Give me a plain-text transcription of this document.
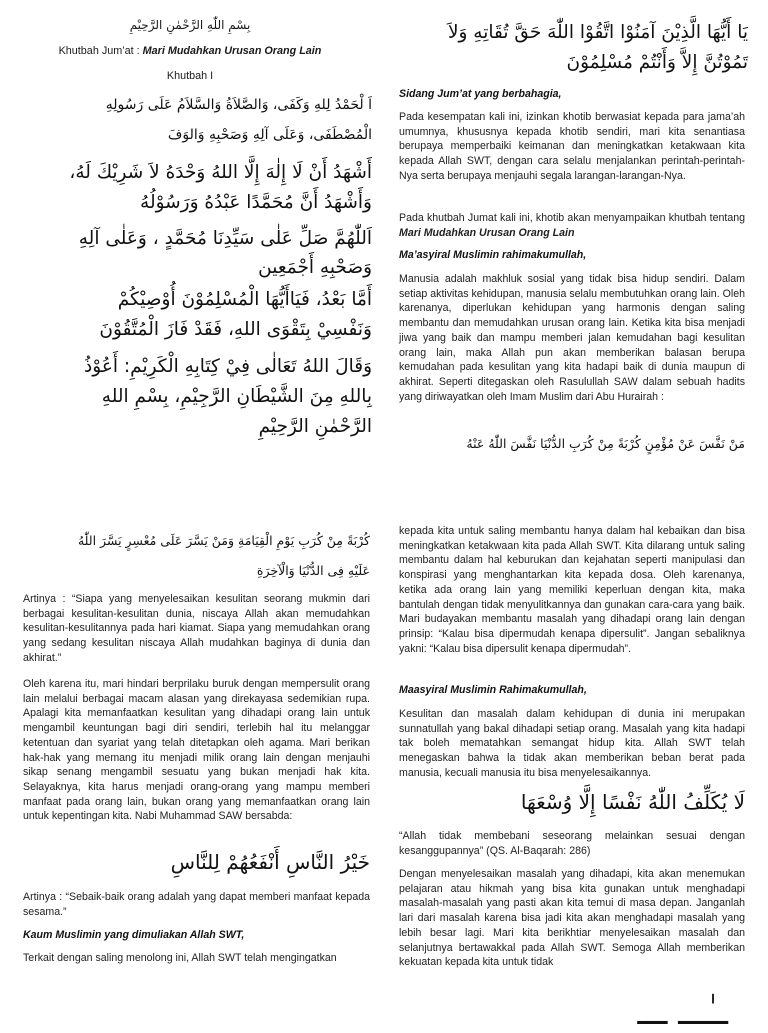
بِسْمِ اللّٰهِ الرَّحْمٰنِ الرَّحِيْمِ
Khutbah Jum’at : Mari Mudahkan Urusan Orang Lain
Khutbah I

اَ لْحَمْدُ لِلهِ وَكَفَى، وَالصَّلاَةُ وَالسَّلاَمُ عَلَى رَسُولِهِ

الْمُصْطَفَى، وَعَلَى آلِهِ وَصَحْبِهِ وَالوَفَ

أَشْهَدُ أَنْ لَا إِلٰهَ إِلَّا اللهُ وَحْدَهُ لاَ شَرِيْكَ لَهُ،

وَأَشْهَدُ أَنَّ مُحَمَّدًا عَبْدُهُ وَرَسُوْلُهُ

اَللّٰهُمَّ صَلِّ عَلٰى سَيِّدِنَا مُحَمَّدٍ ، وَعَلٰى آلِهِ

وَصَحْبِهِ أَجْمَعِين

أَمَّا بَعْدُ، فَيَاأَيُّهَا الْمُسْلِمُوْنَ أُوْصِيْكُمْ

وَنَفْسِيْ بِتَقْوَى اللهِ، فَقَدْ فَازَ الْمُتَّقُوْنَ

وَقَالَ اللهُ تَعَالٰى فِيْ كِتَابِهِ الْكَرِيْمِ: أَعُوْذُ

بِاللهِ مِنَ الشَّيْطَانِ الرَّجِيْمِ، بِسْمِ اللهِ

الرَّحْمٰنِ الرَّحِيْمِ

يَا أَيُّهَا الَّذِيْنَ آمَنُوْا اتَّقُوْا اللّٰهَ حَقَّ تُقَاتِهِ وَلاَ

تَمُوْتُنَّ إِلاَّ وَأَنْتُمْ مُسْلِمُوْنَ

Sidang Jum’at yang berbahagia,

Pada kesempatan kali ini, izinkan khotib berwasiat kepada para jama’ah umumnya, khususnya kepada khotib sendiri, mari kita senantiasa berupaya memperbaiki keimanan dan meningkatkan ketakwaan kita kepada Allah SWT, dengan cara selalu menjalankan perintah-perintah-Nya serta berupaya menjauhi segala larangan-larangan-Nya.

Pada khutbah Jumat kali ini, khotib akan menyampaikan khutbah tentang Mari Mudahkan Urusan Orang Lain

Ma’asyiral Muslimin rahimakumullah,

Manusia adalah makhluk sosial yang tidak bisa hidup sendiri. Dalam setiap aktivitas kehidupan, manusia selalu membutuhkan orang lain. Oleh karenanya, diperlukan kehidupan yang harmonis dengan saling membantu dan memudahkan urusan orang lain. Ketika kita bisa menjadi jiwa yang baik dan mampu memberi jalan kemudahan bagi kesulitan orang lain, maka Allah pun akan memberikan balasan berupa kemudahan pada kesulitan yang kita hadapi baik di dunia maupun di akhirat. Seperti ditegaskan oleh Rasulullah SAW dalam sebuah hadits yang diriwayatkan oleh Imam Muslim dari Abu Hurairah :

مَنْ نَفَّسَ عَنْ مُؤْمِنٍ كُرْبَةً مِنْ كُرَبِ الدُّنْيَا نَفَّسَ اللّٰهُ عَنْهُ

كُرْبَةً مِنْ كُرَبِ يَوْمِ الْقِيَامَةِ وَمَنْ يَسَّرَ عَلَى مُعْسِرٍ يَسَّرَ اللّٰهُ

عَلَيْهِ فِى الدُّنْيَا وَالْآخِرَةِ

Artinya : “Siapa yang menyelesaikan kesulitan seorang mukmin dari berbagai kesulitan-kesulitan dunia, niscaya Allah akan memudahkan kesulitan-kesulitannya pada hari kiamat. Siapa yang memudahkan orang yang sedang kesulitan niscaya Allah mudahkan baginya di dunia dan akhirat.”

Oleh karena itu, mari hindari berprilaku buruk dengan mempersulit orang lain melalui berbagai macam alasan yang direkayasa sedemikian rupa. Apalagi kita memanfaatkan kesulitan yang dihadapi orang lain untuk mengambil keuntungan bagi diri sendiri, terlebih hal itu melanggar ketentuan dan syariat yang telah ditetapkan oleh agama. Mari berikan hak-hak yang memang itu menjadi milik orang lain dengan menjauhi sikap senang mengambil sesuatu yang bukan menjadi hak kita. Selayaknya, kita harus menjadi orang-orang yang mampu memberi manfaat pada orang lain, bukan orang yang memanfaatkan orang lain untuk kepentingan kita. Nabi Muhammad SAW bersabda:

خَيْرُ النَّاسِ أَنْفَعُهُمْ لِلنَّاسِ

Artinya : “Sebaik-baik orang adalah yang dapat memberi manfaat kepada sesama.”

Kaum Muslimin yang dimuliakan Allah SWT,

Terkait dengan saling menolong ini, Allah SWT telah mengingatkan

kepada kita untuk saling membantu hanya dalam hal kebaikan dan bisa meningkatkan ketakwaan kita pada Allah SWT. Kita dilarang untuk saling membantu dalam hal keburukan dan kejahatan seperti manipulasi dan konspirasi yang menghantarkan kita kepada dosa. Oleh karenanya, ketika ada orang lain yang memiliki keperluan dengan kita, maka bantulah dengan tidak menyulitkannya dan gunakan cara-cara yang baik. Mari budayakan membantu masalah yang dihadapi orang lain dengan prinsip: “Kalau bisa dipermudah kenapa dipersulit”. Jangan sebaliknya yakni: “Kalau bisa dipersulit kenapa dipermudah”.

Maasyiral Muslimin Rahimakumullah,

Kesulitan dan masalah dalam kehidupan di dunia ini merupakan sunnatullah yang bakal dihadapi setiap orang. Masalah yang kita hadapi tak boleh mematahkan semangat hidup kita. Allah SWT telah menegaskan bahwa la tidak akan memberikan beban berat pada manusia, kecuali manusia itu bisa menyelesaikannya.

لَا يُكَلِّفُ اللّٰهُ نَفْسًا إِلَّا وُسْعَهَا

“Allah tidak membebani seseorang melainkan sesuai dengan kesanggupannya” (QS. Al-Baqarah: 286)

Dengan menyelesaikan masalah yang dihadapi, kita akan menemukan pelajaran atau hikmah yang bisa kita gunakan untuk menghadapi masalah-masalah yang pasti akan kita temui di masa depan. Janganlah lari dari masalah karena bisa jadi kita akan menghadapi masalah yang lebih besar lagi. Mari kita berikhtiar menyelesaikan masalah dan selanjutnya bertawakkal pada Allah SWT. Semoga Allah memberikan kekuatan kepada kita untuk tidak

ــٰـــ ـــ
